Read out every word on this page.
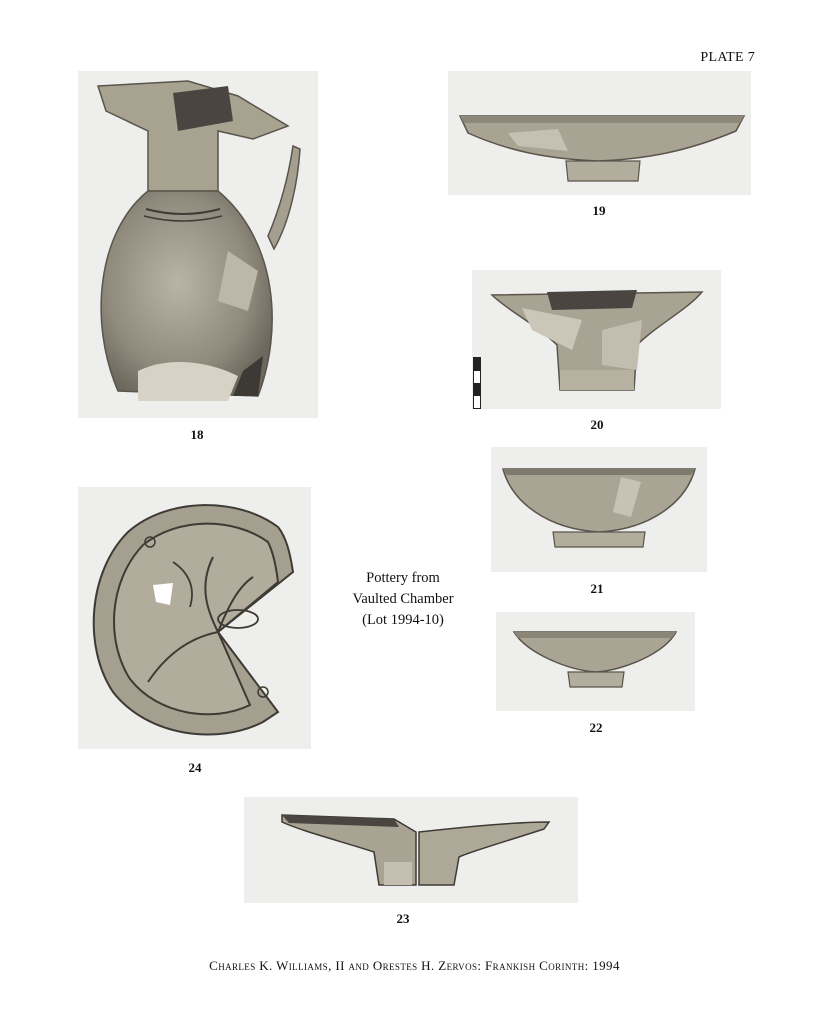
PLATE 7
18
19
20
21
22
24
Pottery from
Vaulted Chamber
(Lot 1994-10)
23
Charles K. Williams, II and Orestes H. Zervos: Frankish Corinth: 1994
